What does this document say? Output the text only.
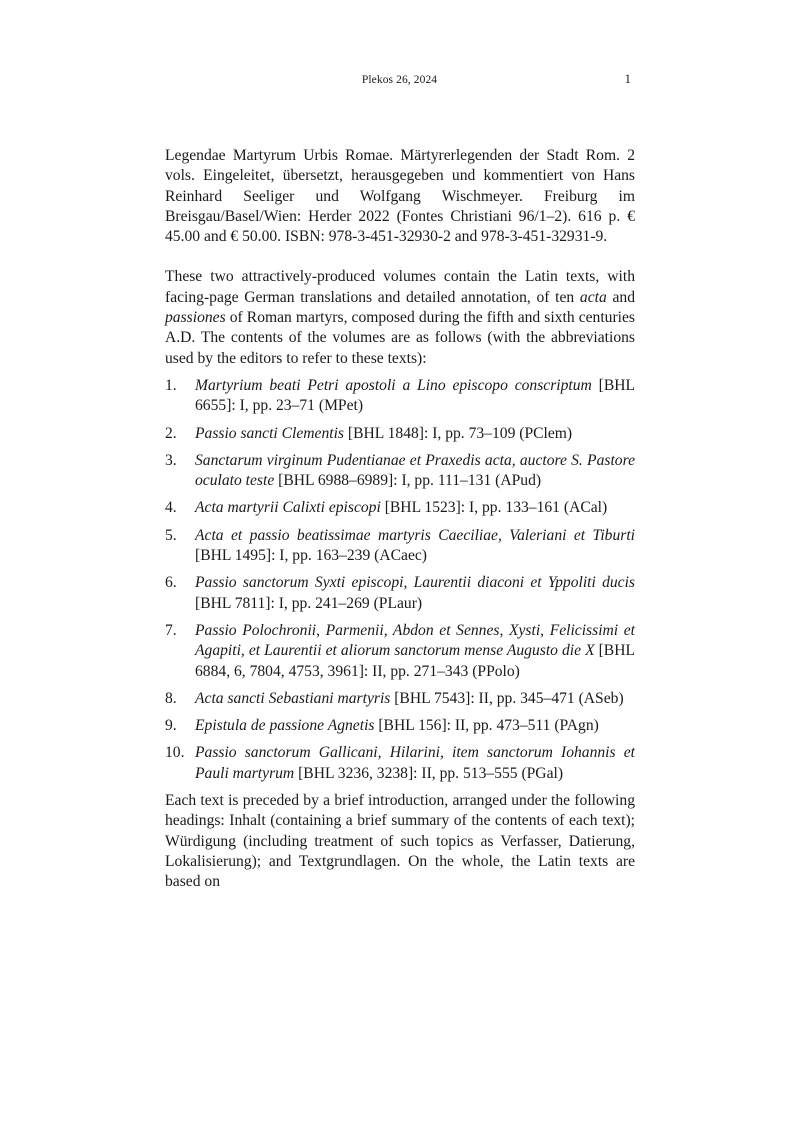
Plekos 26, 2024	1

Legendae Martyrum Urbis Romae. Märtyrerlegenden der Stadt Rom. 2 vols. Eingeleitet, übersetzt, herausgegeben und kommentiert von Hans Reinhard Seeliger und Wolfgang Wischmeyer. Freiburg im Breisgau/Basel/Wien: Herder 2022 (Fontes Christiani 96/1–2). 616 p. € 45.00 and € 50.00. ISBN: 978-3-451-32930-2 and 978-3-451-32931-9.

These two attractively-produced volumes contain the Latin texts, with facing-page German translations and detailed annotation, of ten acta and passiones of Roman martyrs, composed during the fifth and sixth centuries A.D. The contents of the volumes are as follows (with the abbreviations used by the editors to refer to these texts):

1. Martyrium beati Petri apostoli a Lino episcopo conscriptum [BHL 6655]: I, pp. 23–71 (MPet)
2. Passio sancti Clementis [BHL 1848]: I, pp. 73–109 (PClem)
3. Sanctarum virginum Pudentianae et Praxedis acta, auctore S. Pastore oculato teste [BHL 6988–6989]: I, pp. 111–131 (APud)
4. Acta martyrii Calixti episcopi [BHL 1523]: I, pp. 133–161 (ACal)
5. Acta et passio beatissimae martyris Caeciliae, Valeriani et Tiburti [BHL 1495]: I, pp. 163–239 (ACaec)
6. Passio sanctorum Syxti episcopi, Laurentii diaconi et Yppoliti ducis [BHL 7811]: I, pp. 241–269 (PLaur)
7. Passio Polochronii, Parmenii, Abdon et Sennes, Xysti, Felicissimi et Agapiti, et Laurentii et aliorum sanctorum mense Augusto die X [BHL 6884, 6, 7804, 4753, 3961]: II, pp. 271–343 (PPolo)
8. Acta sancti Sebastiani martyris [BHL 7543]: II, pp. 345–471 (ASeb)
9. Epistula de passione Agnetis [BHL 156]: II, pp. 473–511 (PAgn)
10. Passio sanctorum Gallicani, Hilarini, item sanctorum Iohannis et Pauli martyrum [BHL 3236, 3238]: II, pp. 513–555 (PGal)

Each text is preceded by a brief introduction, arranged under the following headings: Inhalt (containing a brief summary of the contents of each text); Würdigung (including treatment of such topics as Verfasser, Datierung, Lokalisierung); and Textgrundlagen. On the whole, the Latin texts are based on
